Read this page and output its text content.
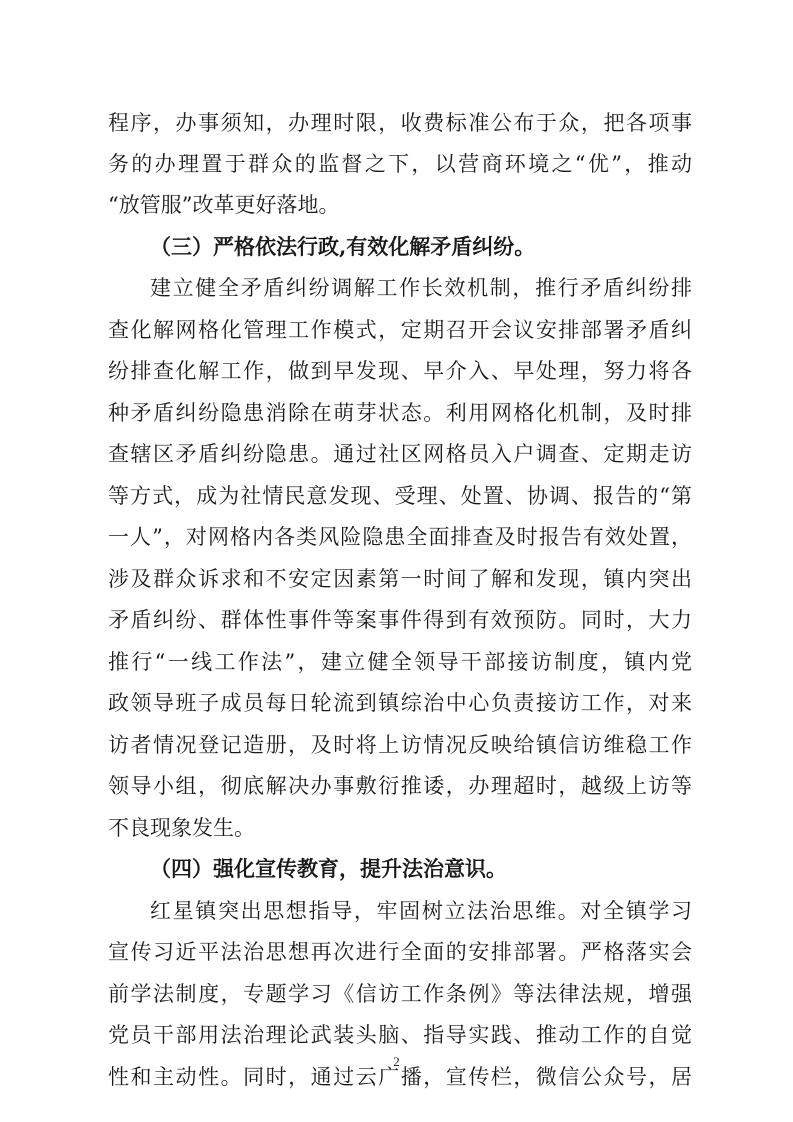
程序，办事须知，办理时限，收费标准公布于众，把各项事
务的办理置于群众的监督之下，以营商环境之“优”，推动
“放管服”改革更好落地。
（三）严格依法行政,有效化解矛盾纠纷。
建立健全矛盾纠纷调解工作长效机制，推行矛盾纠纷排
查化解网格化管理工作模式，定期召开会议安排部署矛盾纠
纷排查化解工作，做到早发现、早介入、早处理，努力将各
种矛盾纠纷隐患消除在萌芽状态。利用网格化机制，及时排
查辖区矛盾纠纷隐患。通过社区网格员入户调查、定期走访
等方式，成为社情民意发现、受理、处置、协调、报告的“第
一人”，对网格内各类风险隐患全面排查及时报告有效处置，
涉及群众诉求和不安定因素第一时间了解和发现，镇内突出
矛盾纠纷、群体性事件等案事件得到有效预防。同时，大力
推行“一线工作法”，建立健全领导干部接访制度，镇内党
政领导班子成员每日轮流到镇综治中心负责接访工作，对来
访者情况登记造册，及时将上访情况反映给镇信访维稳工作
领导小组，彻底解决办事敷衍推诿，办理超时，越级上访等
不良现象发生。
（四）强化宣传教育，提升法治意识。
红星镇突出思想指导，牢固树立法治思维。对全镇学习
宣传习近平法治思想再次进行全面的安排部署。严格落实会
前学法制度，专题学习《信访工作条例》等法律法规，增强
党员干部用法治理论武装头脑、指导实践、推动工作的自觉
性和主动性。同时，通过云广播，宣传栏，微信公众号，居
2
